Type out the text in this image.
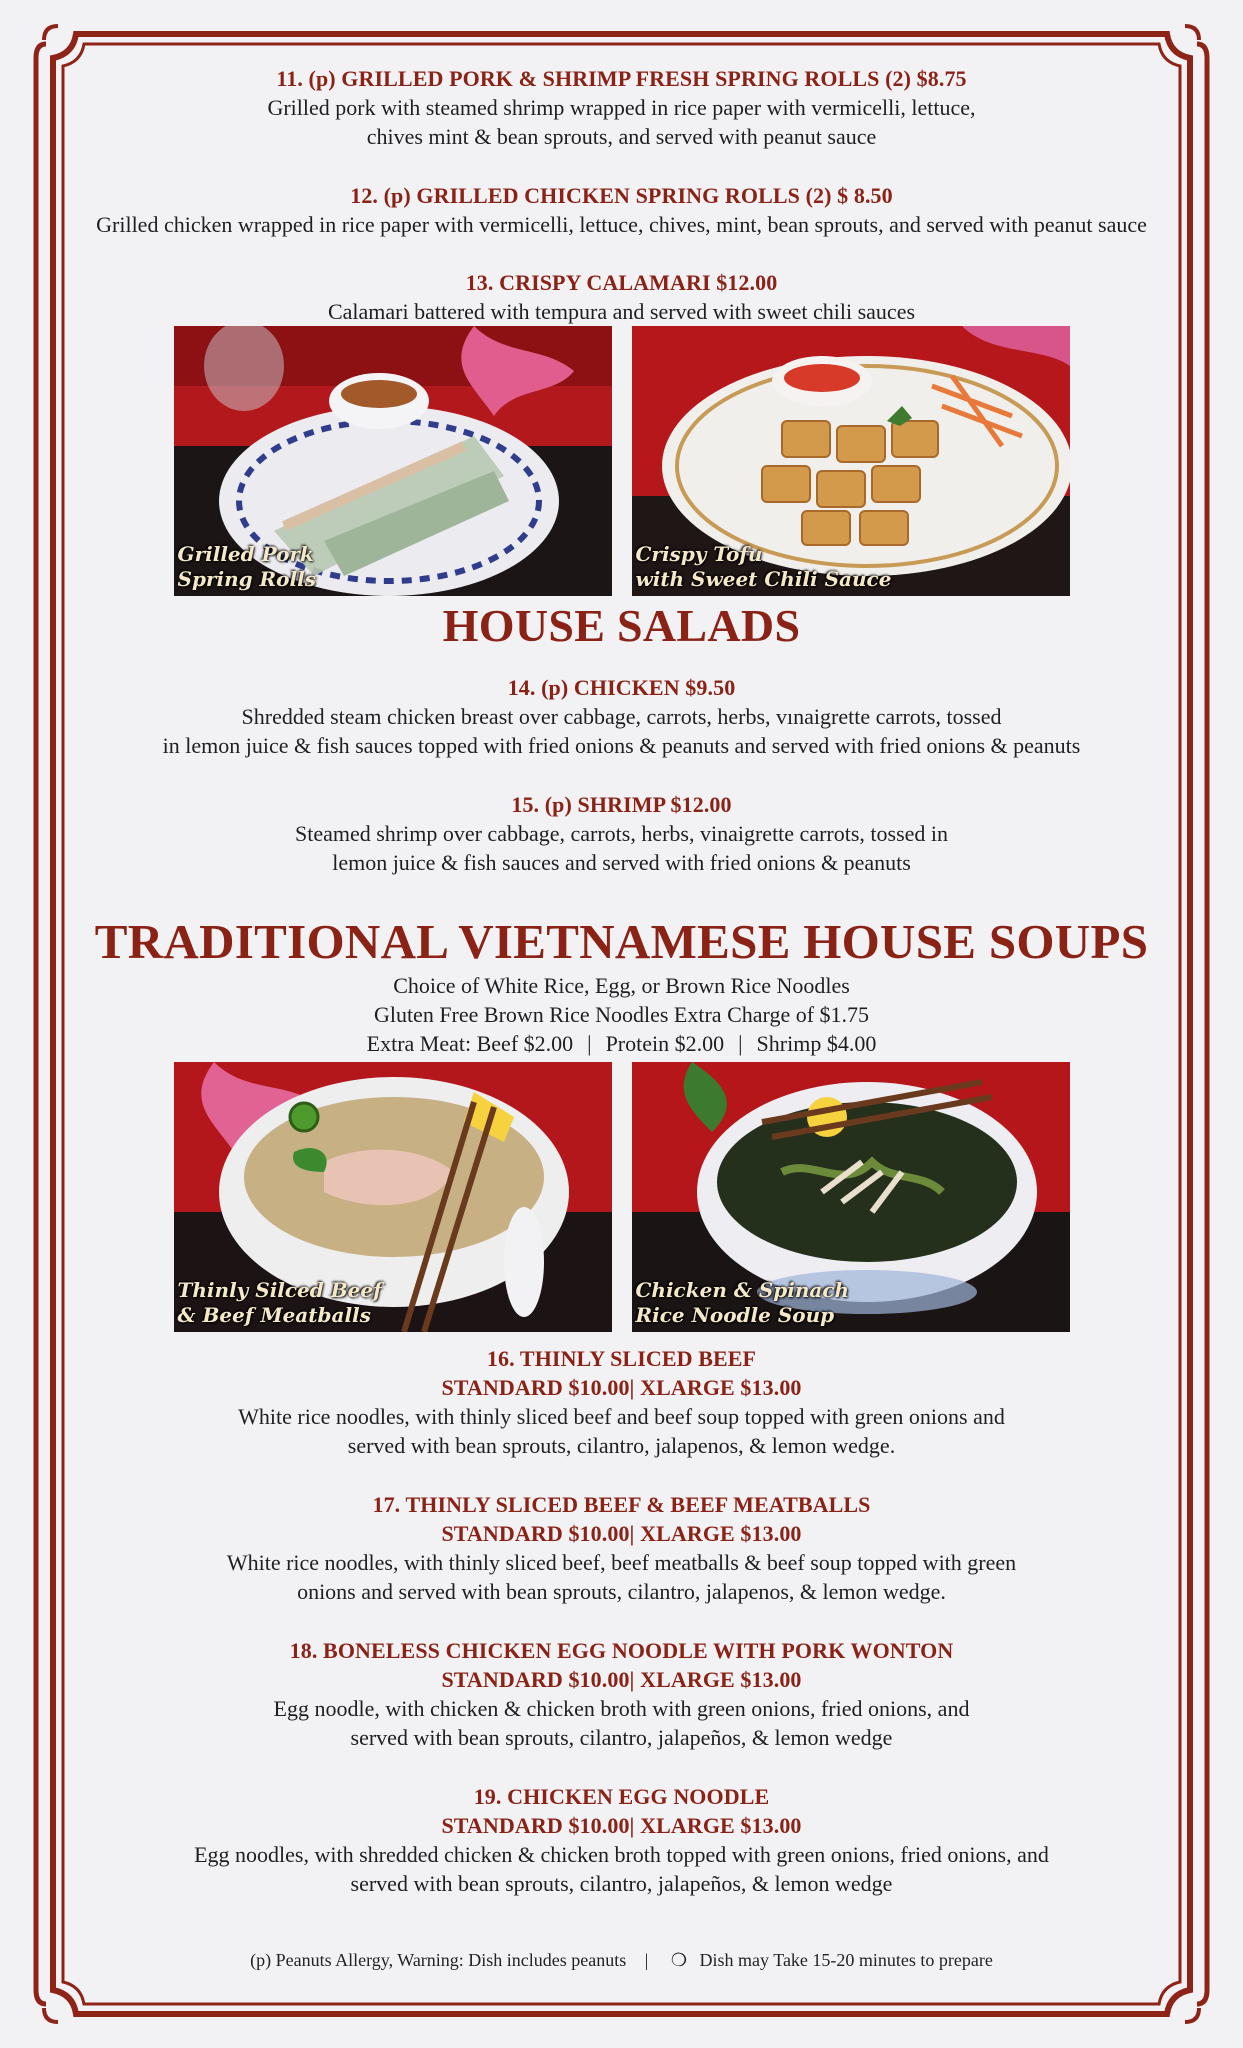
11. (p) GRILLED PORK & SHRIMP FRESH SPRING ROLLS (2) $8.75
Grilled pork with steamed shrimp wrapped in rice paper with vermicelli, lettuce,
chives mint & bean sprouts, and served with peanut sauce
12. (p) GRILLED CHICKEN SPRING ROLLS (2) $ 8.50
Grilled chicken wrapped in rice paper with vermicelli, lettuce, chives, mint, bean sprouts, and served with peanut sauce
13. CRISPY CALAMARI $12.00
Calamari battered with tempura and served with sweet chili sauces
Grilled Pork
Spring Rolls
Crispy Tofu
with Sweet Chili Sauce
HOUSE SALADS
14. (p) CHICKEN $9.50
Shredded steam chicken breast over cabbage, carrots, herbs, vınaigrette carrots, tossed
in lemon juice & fish sauces topped with fried onions & peanuts and served with fried onions & peanuts
15. (p) SHRIMP $12.00
Steamed shrimp over cabbage, carrots, herbs, vinaigrette carrots, tossed in
lemon juice & fish sauces and served with fried onions & peanuts
TRADITIONAL VIETNAMESE HOUSE SOUPS
Choice of White Rice, Egg, or Brown Rice Noodles
Gluten Free Brown Rice Noodles Extra Charge of $1.75
Extra Meat: Beef $2.00 | Protein $2.00 | Shrimp $4.00
Thinly Silced Beef
& Beef Meatballs
Chicken & Spinach
Rice Noodle Soup
16. THINLY SLICED BEEF
STANDARD $10.00| XLARGE $13.00
White rice noodles, with thinly sliced beef and beef soup topped with green onions and
served with bean sprouts, cilantro, jalapenos, & lemon wedge.
17. THINLY SLICED BEEF & BEEF MEATBALLS
STANDARD $10.00| XLARGE $13.00
White rice noodles, with thinly sliced beef, beef meatballs & beef soup topped with green
onions and served with bean sprouts, cilantro, jalapenos, & lemon wedge.
18. BONELESS CHICKEN EGG NOODLE WITH PORK WONTON
STANDARD $10.00| XLARGE $13.00
Egg noodle, with chicken & chicken broth with green onions, fried onions, and
served with bean sprouts, cilantro, jalapeños, & lemon wedge
19. CHICKEN EGG NOODLE
STANDARD $10.00| XLARGE $13.00
Egg noodles, with shredded chicken & chicken broth topped with green onions, fried onions, and
served with bean sprouts, cilantro, jalapeños, & lemon wedge
(p) Peanuts Allergy, Warning: Dish includes peanuts | ❍ Dish may Take 15-20 minutes to prepare
